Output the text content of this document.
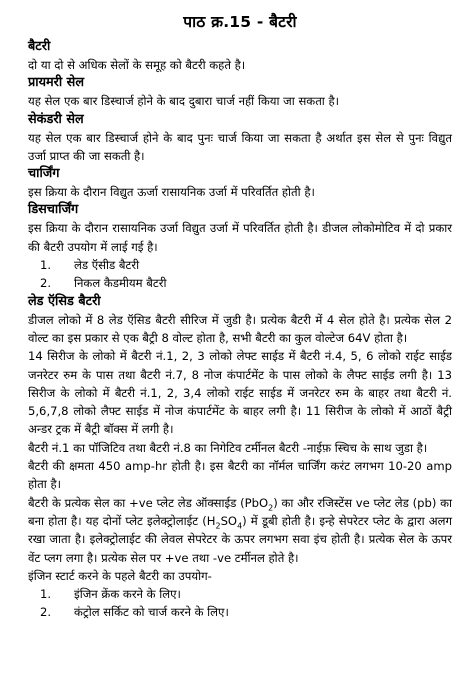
पाठ क्र.15 - बैटरी
बैटरी

दो या दो से अधिक सेलों के समूह को बैटरी कहते है।

प्रायमरी सेल

यह सेल एक बार डिस्चार्ज होने के बाद दुबारा चार्ज नहीं किया जा सकता है।

सेकंडरी सेल

यह सेल एक बार डिस्चार्ज होने के बाद पुनः चार्ज किया जा सकता है अर्थात इस सेल से पुनः विद्युत उर्जा प्राप्त की जा सकती है।

चार्जिंग

इस क्रिया के दौरान विद्युत ऊर्जा रासायनिक उर्जा में परिवर्तित होती है।

डिसचार्जिंग

इस क्रिया के दौरान रासायनिक उर्जा विद्युत उर्जा में परिवर्तित होती है। डीजल लोकोमोटिव में दो प्रकार की बैटरी उपयोग में लाई गई है।

1.	लेड ऍसीड बैटरी
2.	निकल कैडमीयम बैटरी
लेड ऍसिड बैटरी

डीजल लोको में 8 लेड ऍसिड बैटरी सीरिज में जुडी है। प्रत्येक बैटरी में 4 सेल होते है। प्रत्येक सेल 2 वोल्ट का इस प्रकार से एक बैट्री 8 वोल्ट होता है, सभी बैटरी का कुल वोल्टेज 64V होता है।

14 सिरीज के लोको में बैटरी नं.1, 2, 3 लोको लेफ्ट साईड में बैटरी नं.4, 5, 6 लोको राईट साईड जनरेटर रुम के पास तथा बैटरी नं.7, 8 नोज कंपार्टमेंट के पास लोको के लैफ्ट साईड लगी है। 13 सिरीज के लोको में बैटरी नं.1, 2, 3,4 लोको राईट साईड में जनरेटर रुम के बाहर तथा बैटरी नं. 5,6,7,8 लोको लैफ्ट साईड में नोज कंपार्टमेंट के बाहर लगी है। 11 सिरीज के लोको में आठों बैट्री अन्डर ट्रक में बैट्री बॉक्स में लगी है।

बैटरी नं.1 का पॉजिटिव तथा बैटरी नं.8 का निगेटिव टर्मीनल बैटरी -नाईफ़ स्चिच के साथ जुडा है।

बैटरी की क्षमता 450 amp-hr होती है। इस बैटरी का नॉर्मल चार्जिंग करंट लगभग 10-20 amp होता है।

बैटरी के प्रत्येक सेल का +ve प्लेट लेड ऑक्साईड (PbO$_2$) का और रजिस्टेंस ve प्लेट लेड (pb) का बना होता है। यह दोनों प्लेट इलेक्ट्रोलाईट $(H_2SO_4)$ में डूबी होती है। इन्हे सेपरेटर प्लेट के द्वारा अलग रखा जाता है। इलेक्ट्रोलाईट की लेवल सेपरेटर के ऊपर लगभग सवा इंच होती है। प्रत्येक सेल के ऊपर वेंट प्लग लगा है। प्रत्येक सेल पर +ve तथा -ve टर्मीनल होते है।

इंजिन स्टार्ट करने के पहले बैटरी का उपयोग-

1.	इंजिन क्रेंक करने के लिए।
2.	कंट्रोल सर्किट को चार्ज करने के लिए।
